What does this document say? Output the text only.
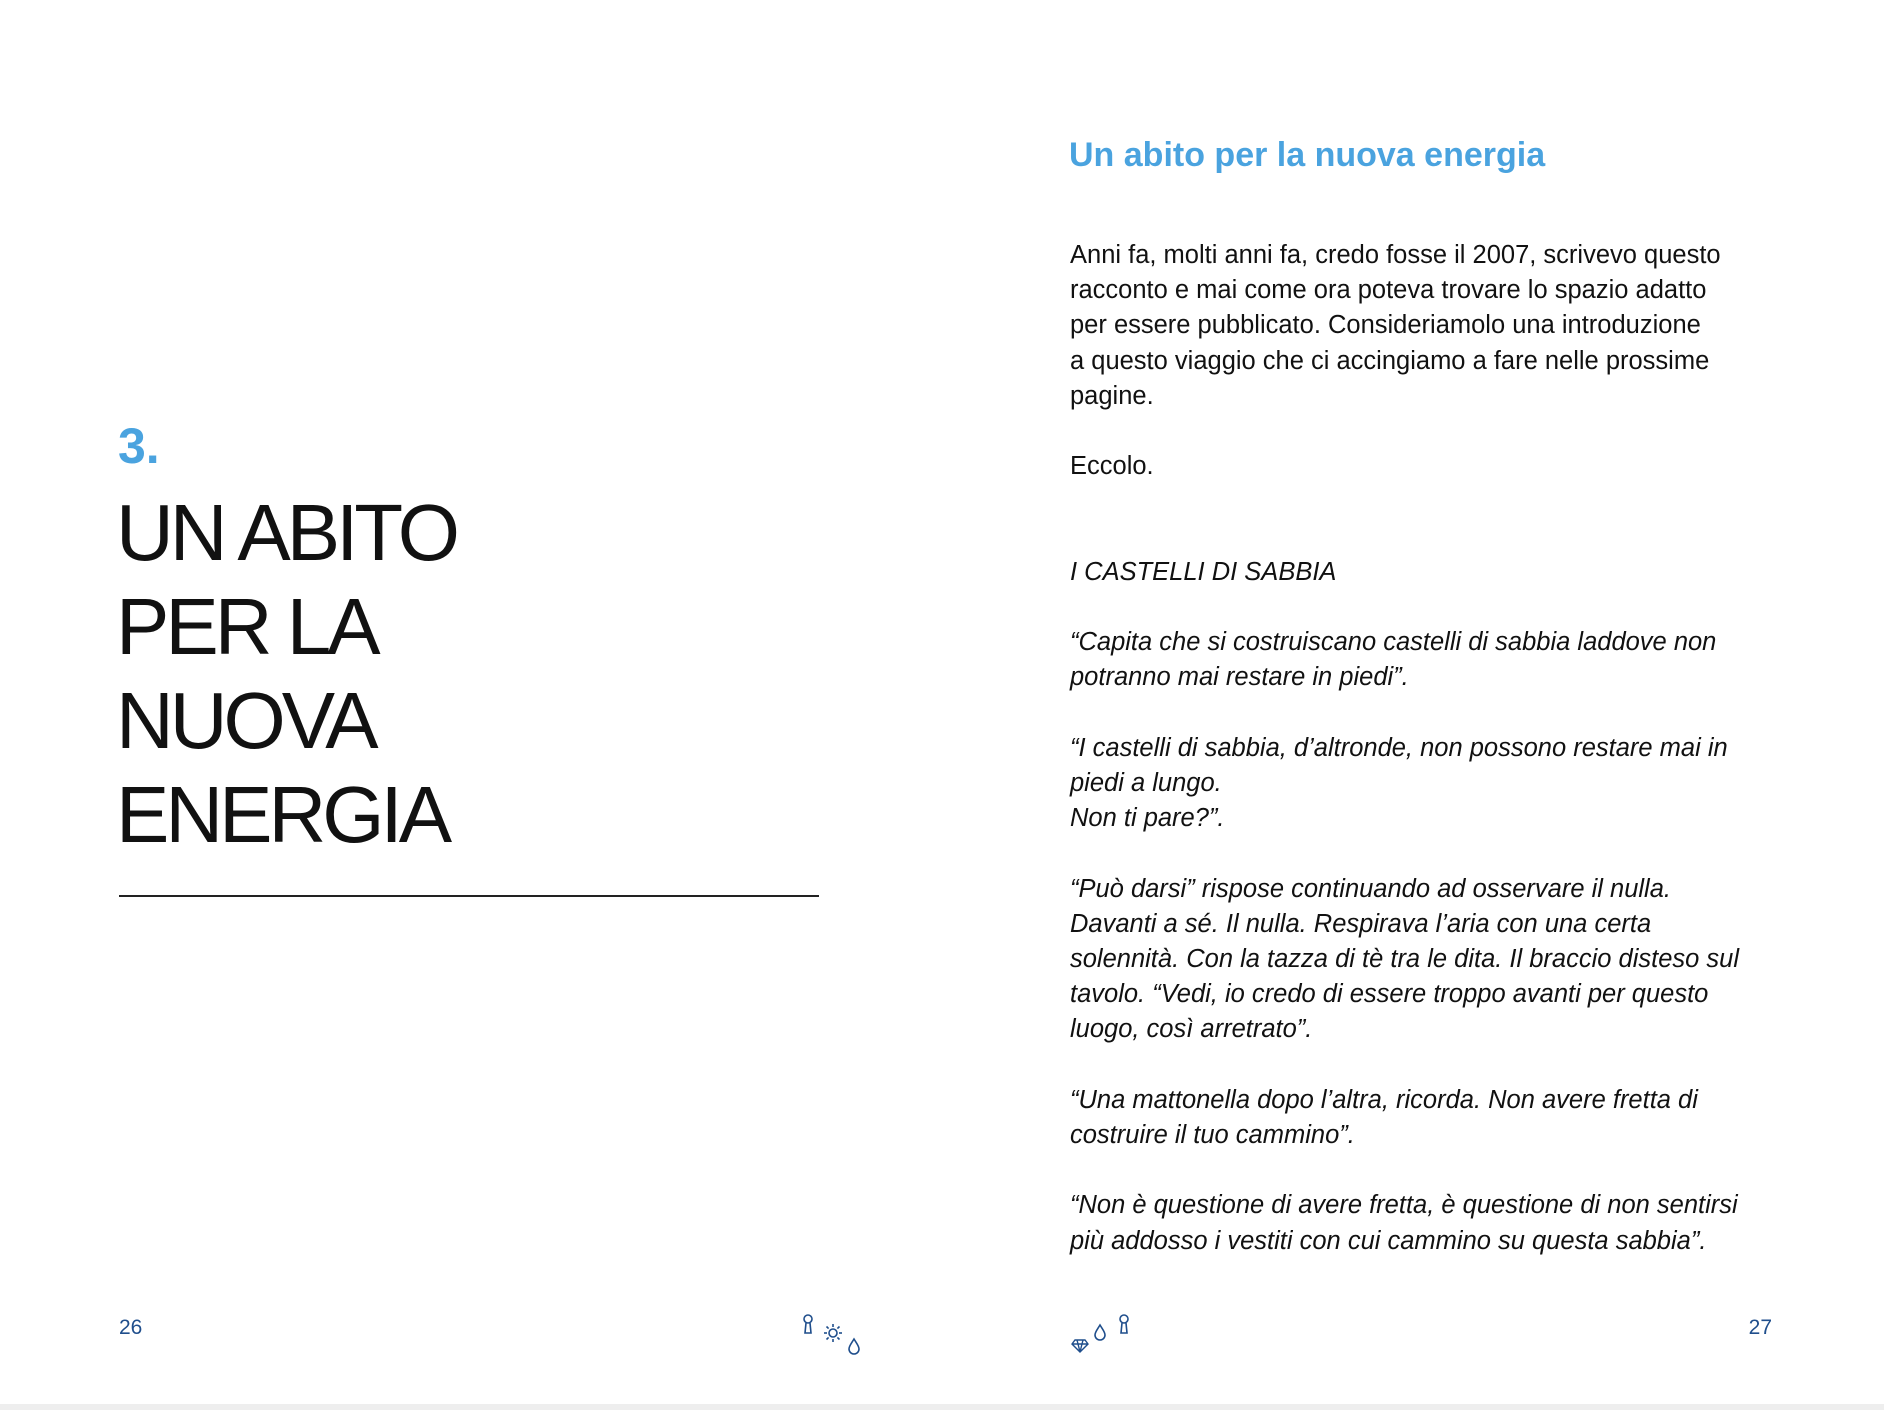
3.
UN ABITO
PER LA
NUOVA
ENERGIA
26
Un abito per la nuova energia

Anni fa, molti anni fa, credo fosse il 2007, scrivevo questo
racconto e mai come ora poteva trovare lo spazio adatto
per essere pubblicato. Consideriamolo una introduzione
a questo viaggio che ci accingiamo a fare nelle prossime
pagine.

Eccolo.

I CASTELLI DI SABBIA

“Capita che si costruiscano castelli di sabbia laddove non
potranno mai restare in piedi”.

“I castelli di sabbia, d’altronde, non possono restare mai in
piedi a lungo.
Non ti pare?”.

“Può darsi” rispose continuando ad osservare il nulla.
Davanti a sé. Il nulla. Respirava l’aria con una certa
solennità. Con la tazza di tè tra le dita. Il braccio disteso sul
tavolo. “Vedi, io credo di essere troppo avanti per questo
luogo, così arretrato”.

“Una mattonella dopo l’altra, ricorda. Non avere fretta di
costruire il tuo cammino”.

“Non è questione di avere fretta, è questione di non sentirsi
più addosso i vestiti con cui cammino su questa sabbia”.

27
